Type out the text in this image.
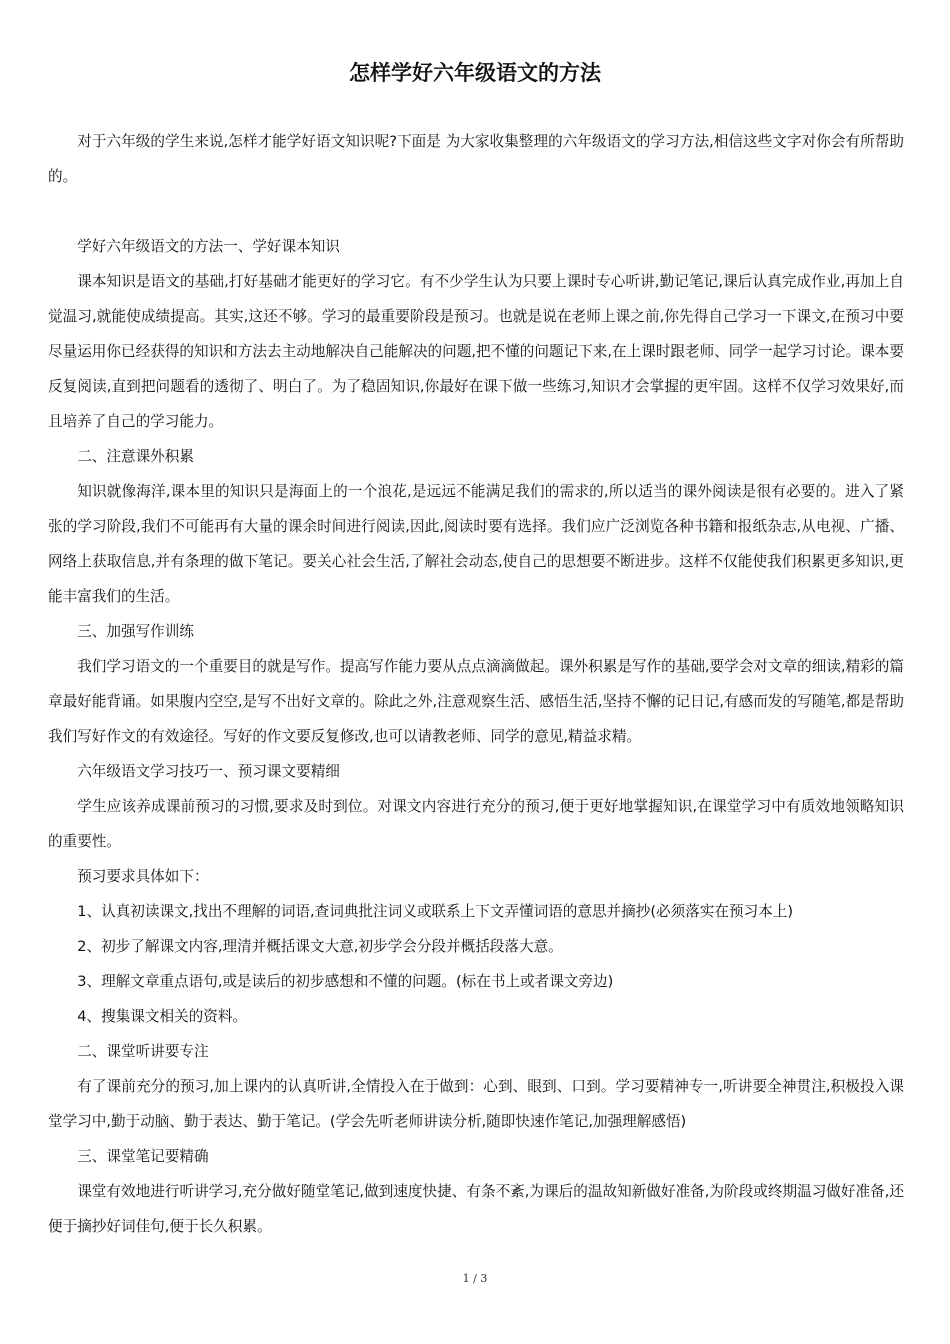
怎样学好六年级语文的方法

对于六年级的学生来说,怎样才能学好语文知识呢?下面是 为大家收集整理的六年级语文的学习方法,相信这些文字对你会有所帮助的。

学好六年级语文的方法一、学好课本知识

课本知识是语文的基础,打好基础才能更好的学习它。有不少学生认为只要上课时专心听讲,勤记笔记,课后认真完成作业,再加上自觉温习,就能使成绩提高。其实,这还不够。学习的最重要阶段是预习。也就是说在老师上课之前,你先得自己学习一下课文,在预习中要尽量运用你已经获得的知识和方法去主动地解决自己能解决的问题,把不懂的问题记下来,在上课时跟老师、同学一起学习讨论。课本要反复阅读,直到把问题看的透彻了、明白了。为了稳固知识,你最好在课下做一些练习,知识才会掌握的更牢固。这样不仅学习效果好,而且培养了自己的学习能力。

二、注意课外积累

知识就像海洋,课本里的知识只是海面上的一个浪花,是远远不能满足我们的需求的,所以适当的课外阅读是很有必要的。进入了紧张的学习阶段,我们不可能再有大量的课余时间进行阅读,因此,阅读时要有选择。我们应广泛浏览各种书籍和报纸杂志,从电视、广播、网络上获取信息,并有条理的做下笔记。要关心社会生活,了解社会动态,使自己的思想要不断进步。这样不仅能使我们积累更多知识,更能丰富我们的生活。

三、加强写作训练

我们学习语文的一个重要目的就是写作。提高写作能力要从点点滴滴做起。课外积累是写作的基础,要学会对文章的细读,精彩的篇章最好能背诵。如果腹内空空,是写不出好文章的。除此之外,注意观察生活、感悟生活,坚持不懈的记日记,有感而发的写随笔,都是帮助我们写好作文的有效途径。写好的作文要反复修改,也可以请教老师、同学的意见,精益求精。

六年级语文学习技巧一、预习课文要精细

学生应该养成课前预习的习惯,要求及时到位。对课文内容进行充分的预习,便于更好地掌握知识,在课堂学习中有质效地领略知识的重要性。

预习要求具体如下：

1、认真初读课文,找出不理解的词语,查词典批注词义或联系上下文弄懂词语的意思并摘抄(必须落实在预习本上)

2、初步了解课文内容,理清并概括课文大意,初步学会分段并概括段落大意。

3、理解文章重点语句,或是读后的初步感想和不懂的问题。(标在书上或者课文旁边)

4、搜集课文相关的资料。

二、课堂听讲要专注

有了课前充分的预习,加上课内的认真听讲,全情投入在于做到：心到、眼到、口到。学习要精神专一,听讲要全神贯注,积极投入课堂学习中,勤于动脑、勤于表达、勤于笔记。(学会先听老师讲读分析,随即快速作笔记,加强理解感悟)

三、课堂笔记要精确

课堂有效地进行听讲学习,充分做好随堂笔记,做到速度快捷、有条不紊,为课后的温故知新做好准备,为阶段或终期温习做好准备,还便于摘抄好词佳句,便于长久积累。

1 / 3
